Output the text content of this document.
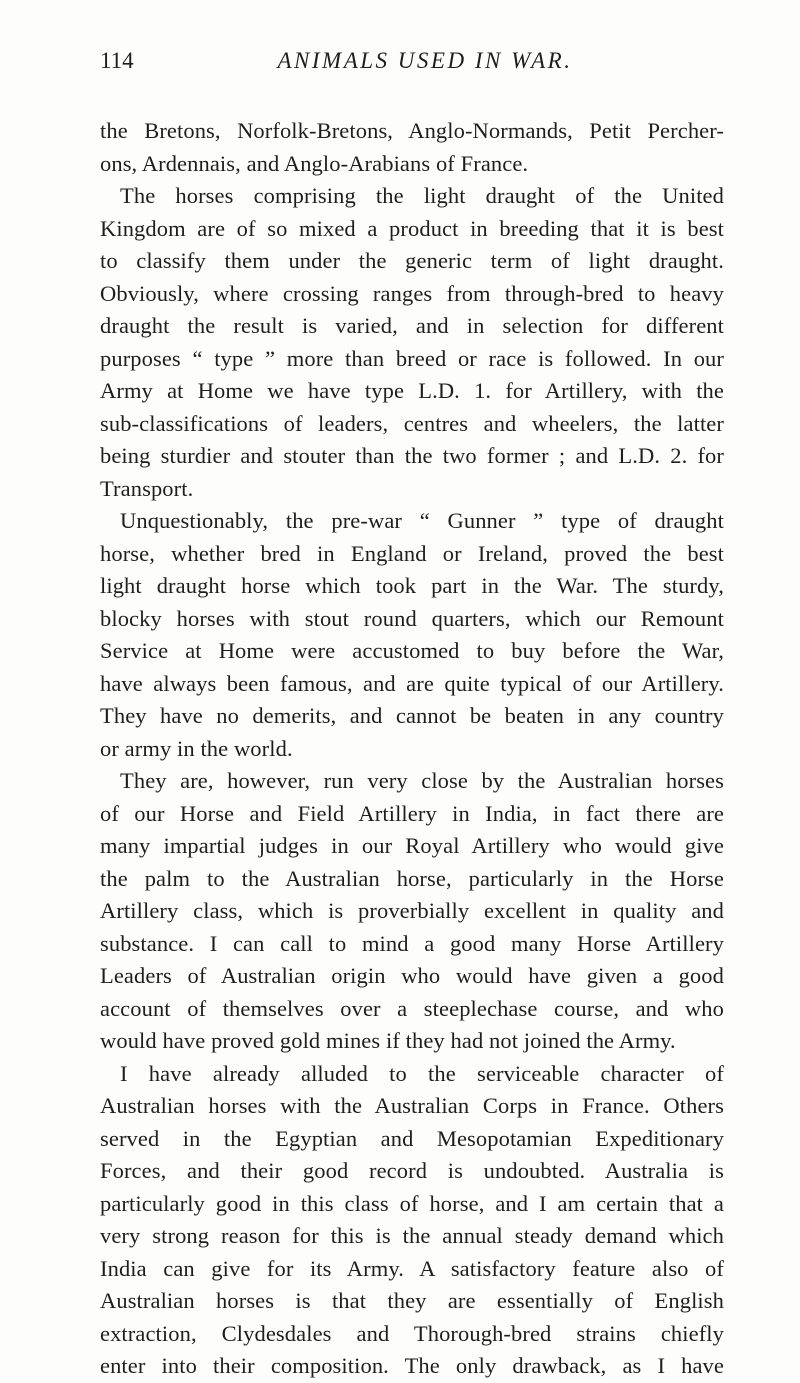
114	ANIMALS USED IN WAR.
the Bretons, Norfolk-Bretons, Anglo-Normands, Petit Percher-
ons, Ardennais, and Anglo-Arabians of France.
The horses comprising the light draught of the United
Kingdom are of so mixed a product in breeding that it is best
to classify them under the generic term of light draught.
Obviously, where crossing ranges from through-bred to heavy
draught the result is varied, and in selection for different
purposes “ type ” more than breed or race is followed. In our
Army at Home we have type L.D. 1. for Artillery, with the
sub-classifications of leaders, centres and wheelers, the latter
being sturdier and stouter than the two former ; and L.D. 2. for
Transport.
Unquestionably, the pre-war “ Gunner ” type of draught
horse, whether bred in England or Ireland, proved the best
light draught horse which took part in the War. The sturdy,
blocky horses with stout round quarters, which our Remount
Service at Home were accustomed to buy before the War,
have always been famous, and are quite typical of our Artillery.
They have no demerits, and cannot be beaten in any country
or army in the world.
They are, however, run very close by the Australian horses
of our Horse and Field Artillery in India, in fact there are
many impartial judges in our Royal Artillery who would give
the palm to the Australian horse, particularly in the Horse
Artillery class, which is proverbially excellent in quality and
substance. I can call to mind a good many Horse Artillery
Leaders of Australian origin who would have given a good
account of themselves over a steeplechase course, and who
would have proved gold mines if they had not joined the Army.
I have already alluded to the serviceable character of
Australian horses with the Australian Corps in France. Others
served in the Egyptian and Mesopotamian Expeditionary
Forces, and their good record is undoubted. Australia is
particularly good in this class of horse, and I am certain that a
very strong reason for this is the annual steady demand which
India can give for its Army. A satisfactory feature also of
Australian horses is that they are essentially of English
extraction, Clydesdales and Thorough-bred strains chiefly
enter into their composition. The only drawback, as I have
